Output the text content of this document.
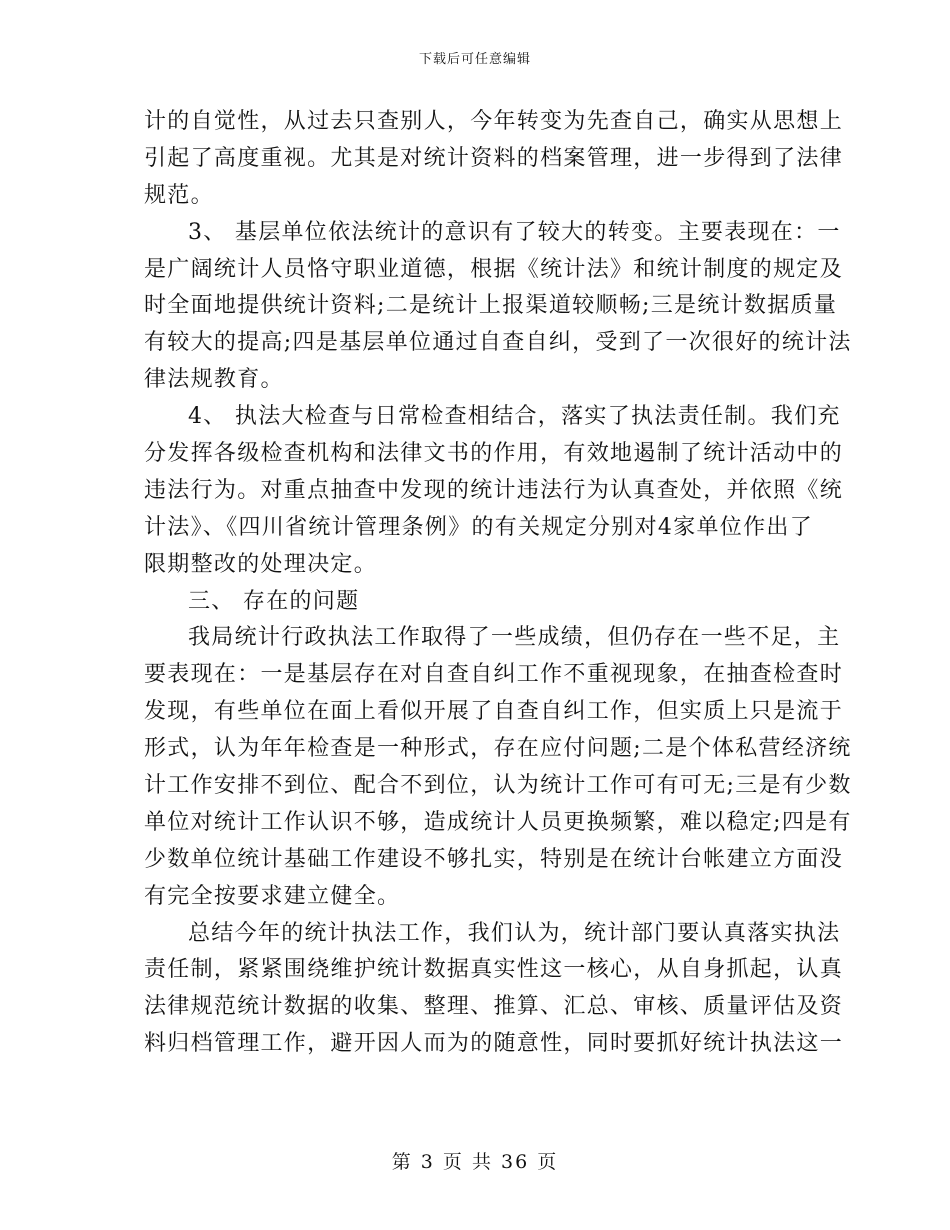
下载后可任意编辑
计的自觉性，从过去只查别人，今年转变为先查自己，确实从思想上
引起了高度重视。尤其是对统计资料的档案管理，进一步得到了法律
规范。
3、 基层单位依法统计的意识有了较大的转变。主要表现在：一
是广阔统计人员恪守职业道德，根据《统计法》和统计制度的规定及
时全面地提供统计资料;二是统计上报渠道较顺畅;三是统计数据质量
有较大的提高;四是基层单位通过自查自纠，受到了一次很好的统计法
律法规教育。
4、 执法大检查与日常检查相结合，落实了执法责任制。我们充
分发挥各级检查机构和法律文书的作用，有效地遏制了统计活动中的
违法行为。对重点抽查中发现的统计违法行为认真查处，并依照《统
计法》、《四川省统计管理条例》的有关规定分别对4家单位作出了
限期整改的处理决定。
三、 存在的问题
我局统计行政执法工作取得了一些成绩，但仍存在一些不足，主
要表现在：一是基层存在对自查自纠工作不重视现象，在抽查检查时
发现，有些单位在面上看似开展了自查自纠工作，但实质上只是流于
形式，认为年年检查是一种形式，存在应付问题;二是个体私营经济统
计工作安排不到位、配合不到位，认为统计工作可有可无;三是有少数
单位对统计工作认识不够，造成统计人员更换频繁，难以稳定;四是有
少数单位统计基础工作建设不够扎实，特别是在统计台帐建立方面没
有完全按要求建立健全。
总结今年的统计执法工作，我们认为，统计部门要认真落实执法
责任制，紧紧围绕维护统计数据真实性这一核心，从自身抓起，认真
法律规范统计数据的收集、整理、推算、汇总、审核、质量评估及资
料归档管理工作，避开因人而为的随意性，同时要抓好统计执法这一
第 3 页 共 36 页
